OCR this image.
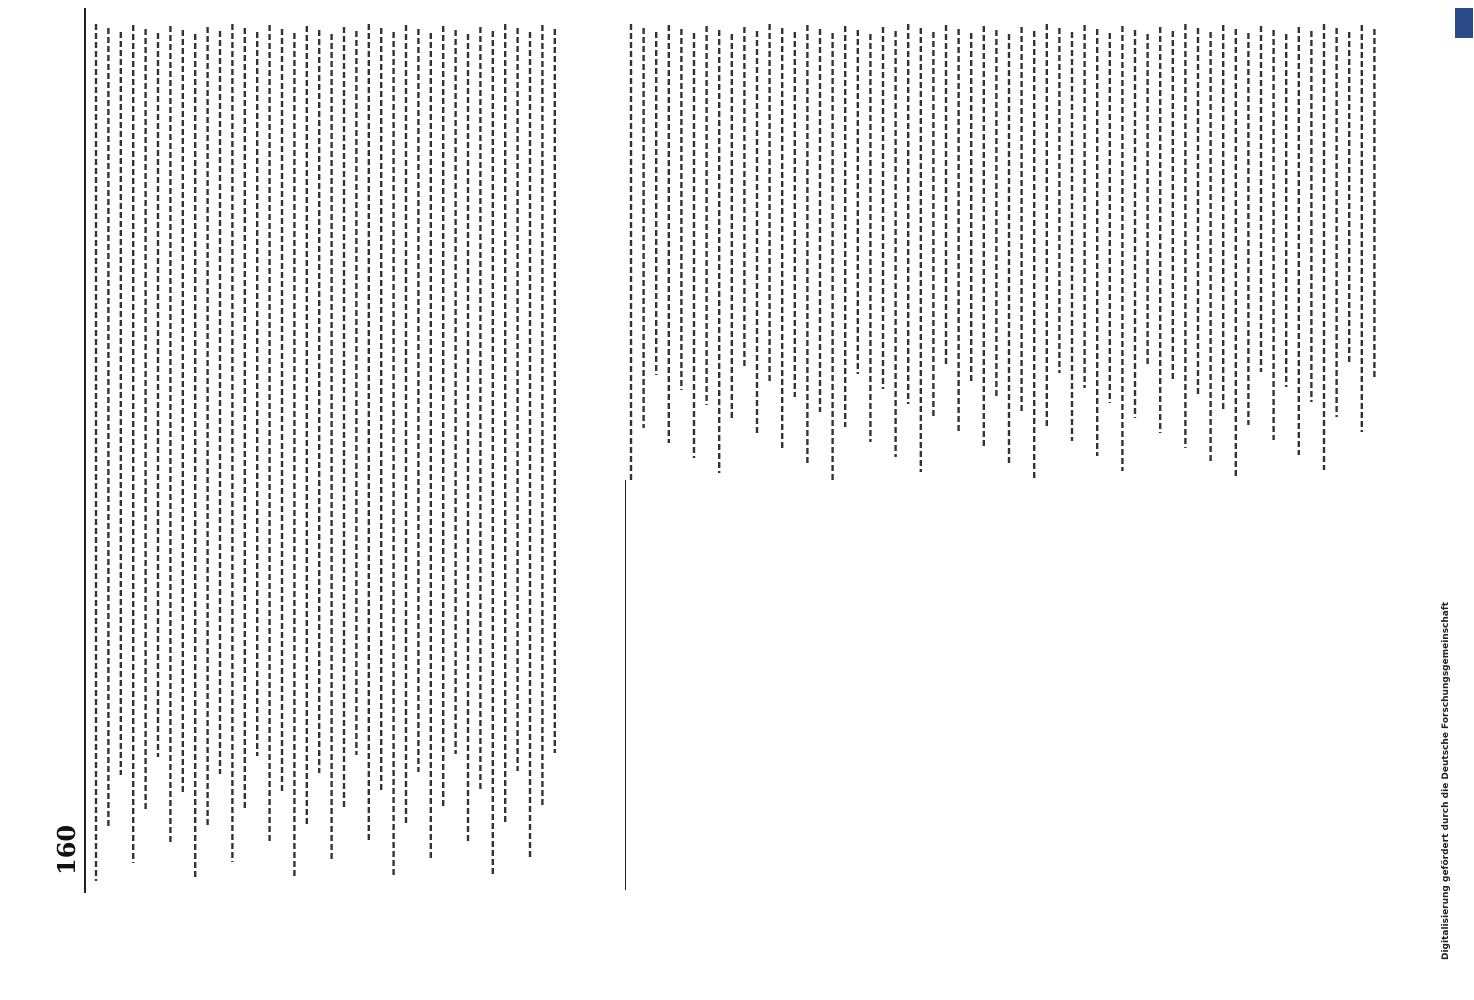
160	Digitalisierung gefördert durch die Deutsche Forschungsgemeinschaft
